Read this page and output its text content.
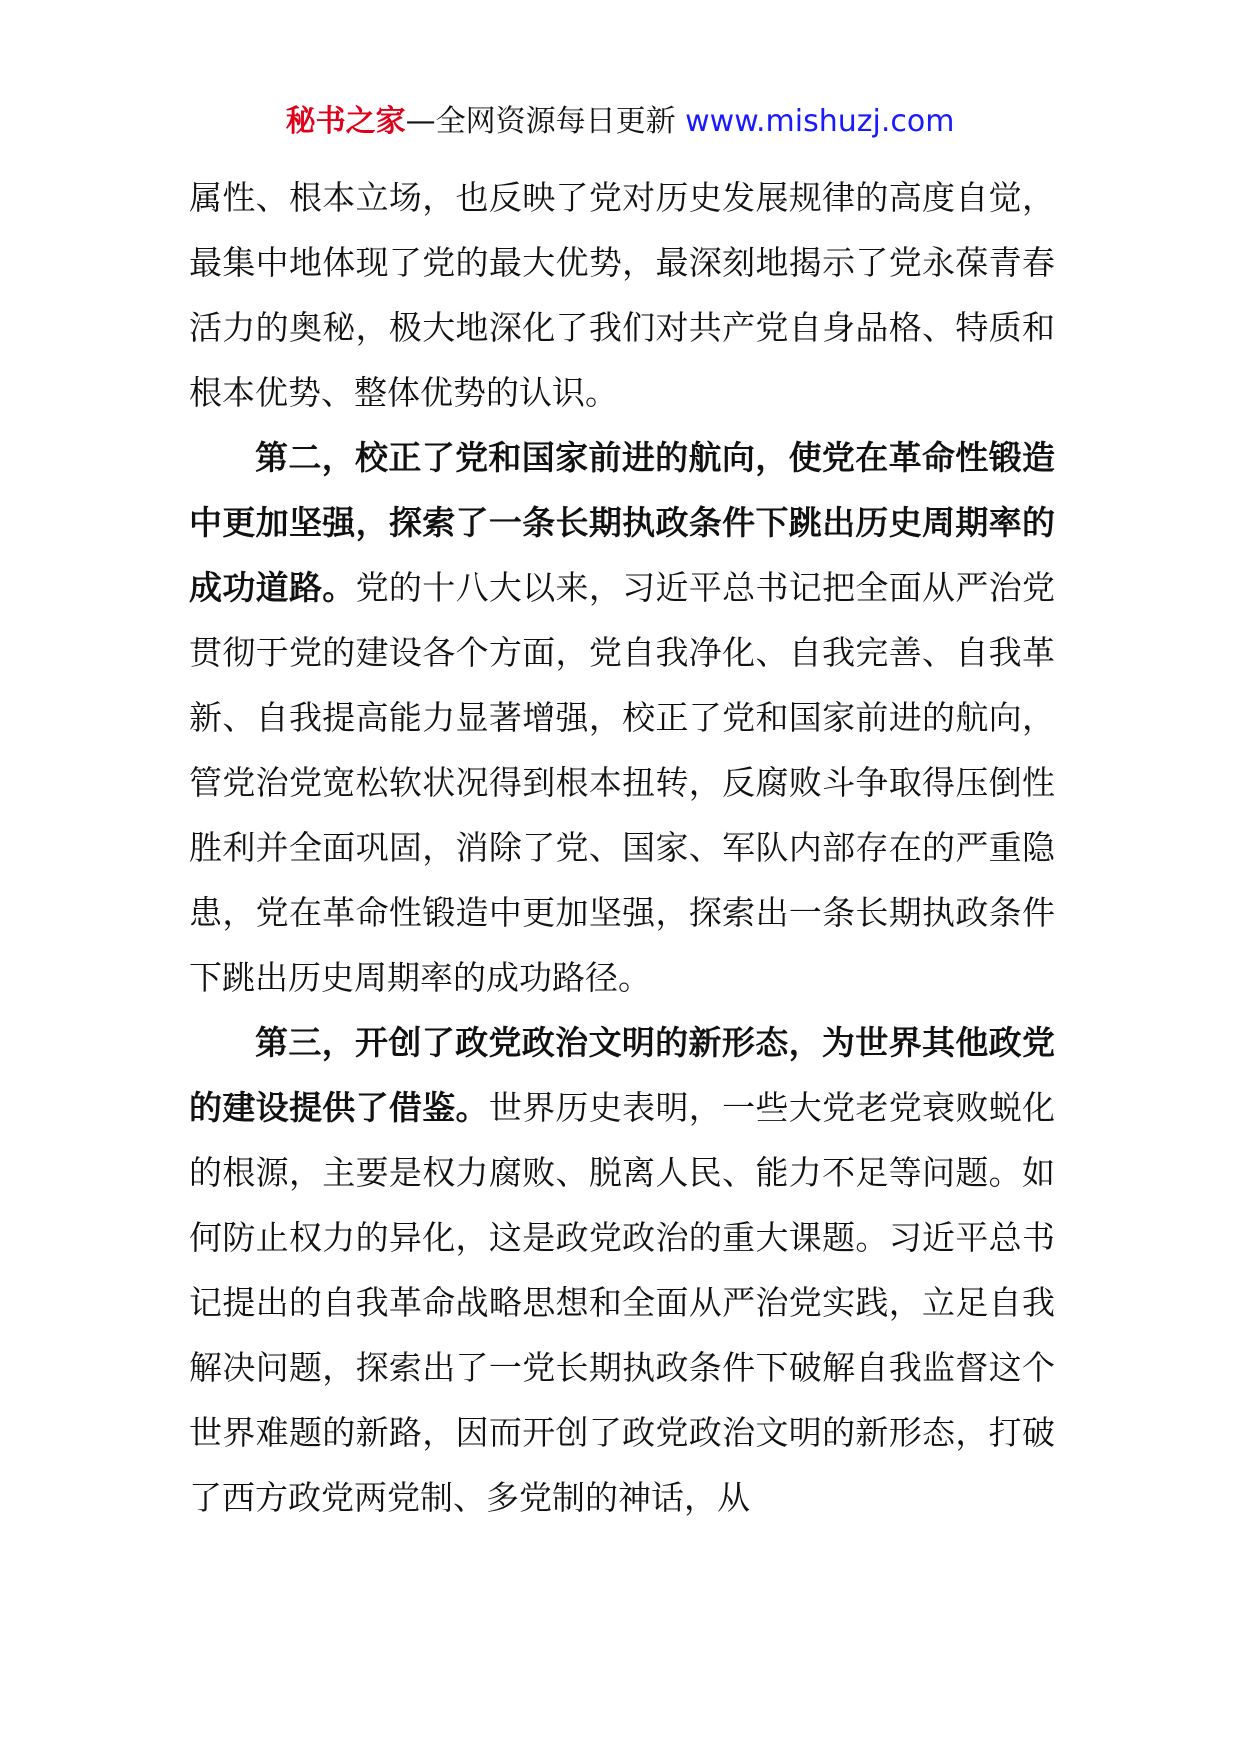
秘书之家—全网资源每日更新 www.mishuzj.com

属性、根本立场，也反映了党对历史发展规律的高度自觉，最集中地体现了党的最大优势，最深刻地揭示了党永葆青春活力的奥秘，极大地深化了我们对共产党自身品格、特质和根本优势、整体优势的认识。

第二，校正了党和国家前进的航向，使党在革命性锻造中更加坚强，探索了一条长期执政条件下跳出历史周期率的成功道路。党的十八大以来，习近平总书记把全面从严治党贯彻于党的建设各个方面，党自我净化、自我完善、自我革新、自我提高能力显著增强，校正了党和国家前进的航向，管党治党宽松软状况得到根本扭转，反腐败斗争取得压倒性胜利并全面巩固，消除了党、国家、军队内部存在的严重隐患，党在革命性锻造中更加坚强，探索出一条长期执政条件下跳出历史周期率的成功路径。

第三，开创了政党政治文明的新形态，为世界其他政党的建设提供了借鉴。世界历史表明，一些大党老党衰败蜕化的根源，主要是权力腐败、脱离人民、能力不足等问题。如何防止权力的异化，这是政党政治的重大课题。习近平总书记提出的自我革命战略思想和全面从严治党实践，立足自我解决问题，探索出了一党长期执政条件下破解自我监督这个世界难题的新路，因而开创了政党政治文明的新形态，打破了西方政党两党制、多党制的神话，从
